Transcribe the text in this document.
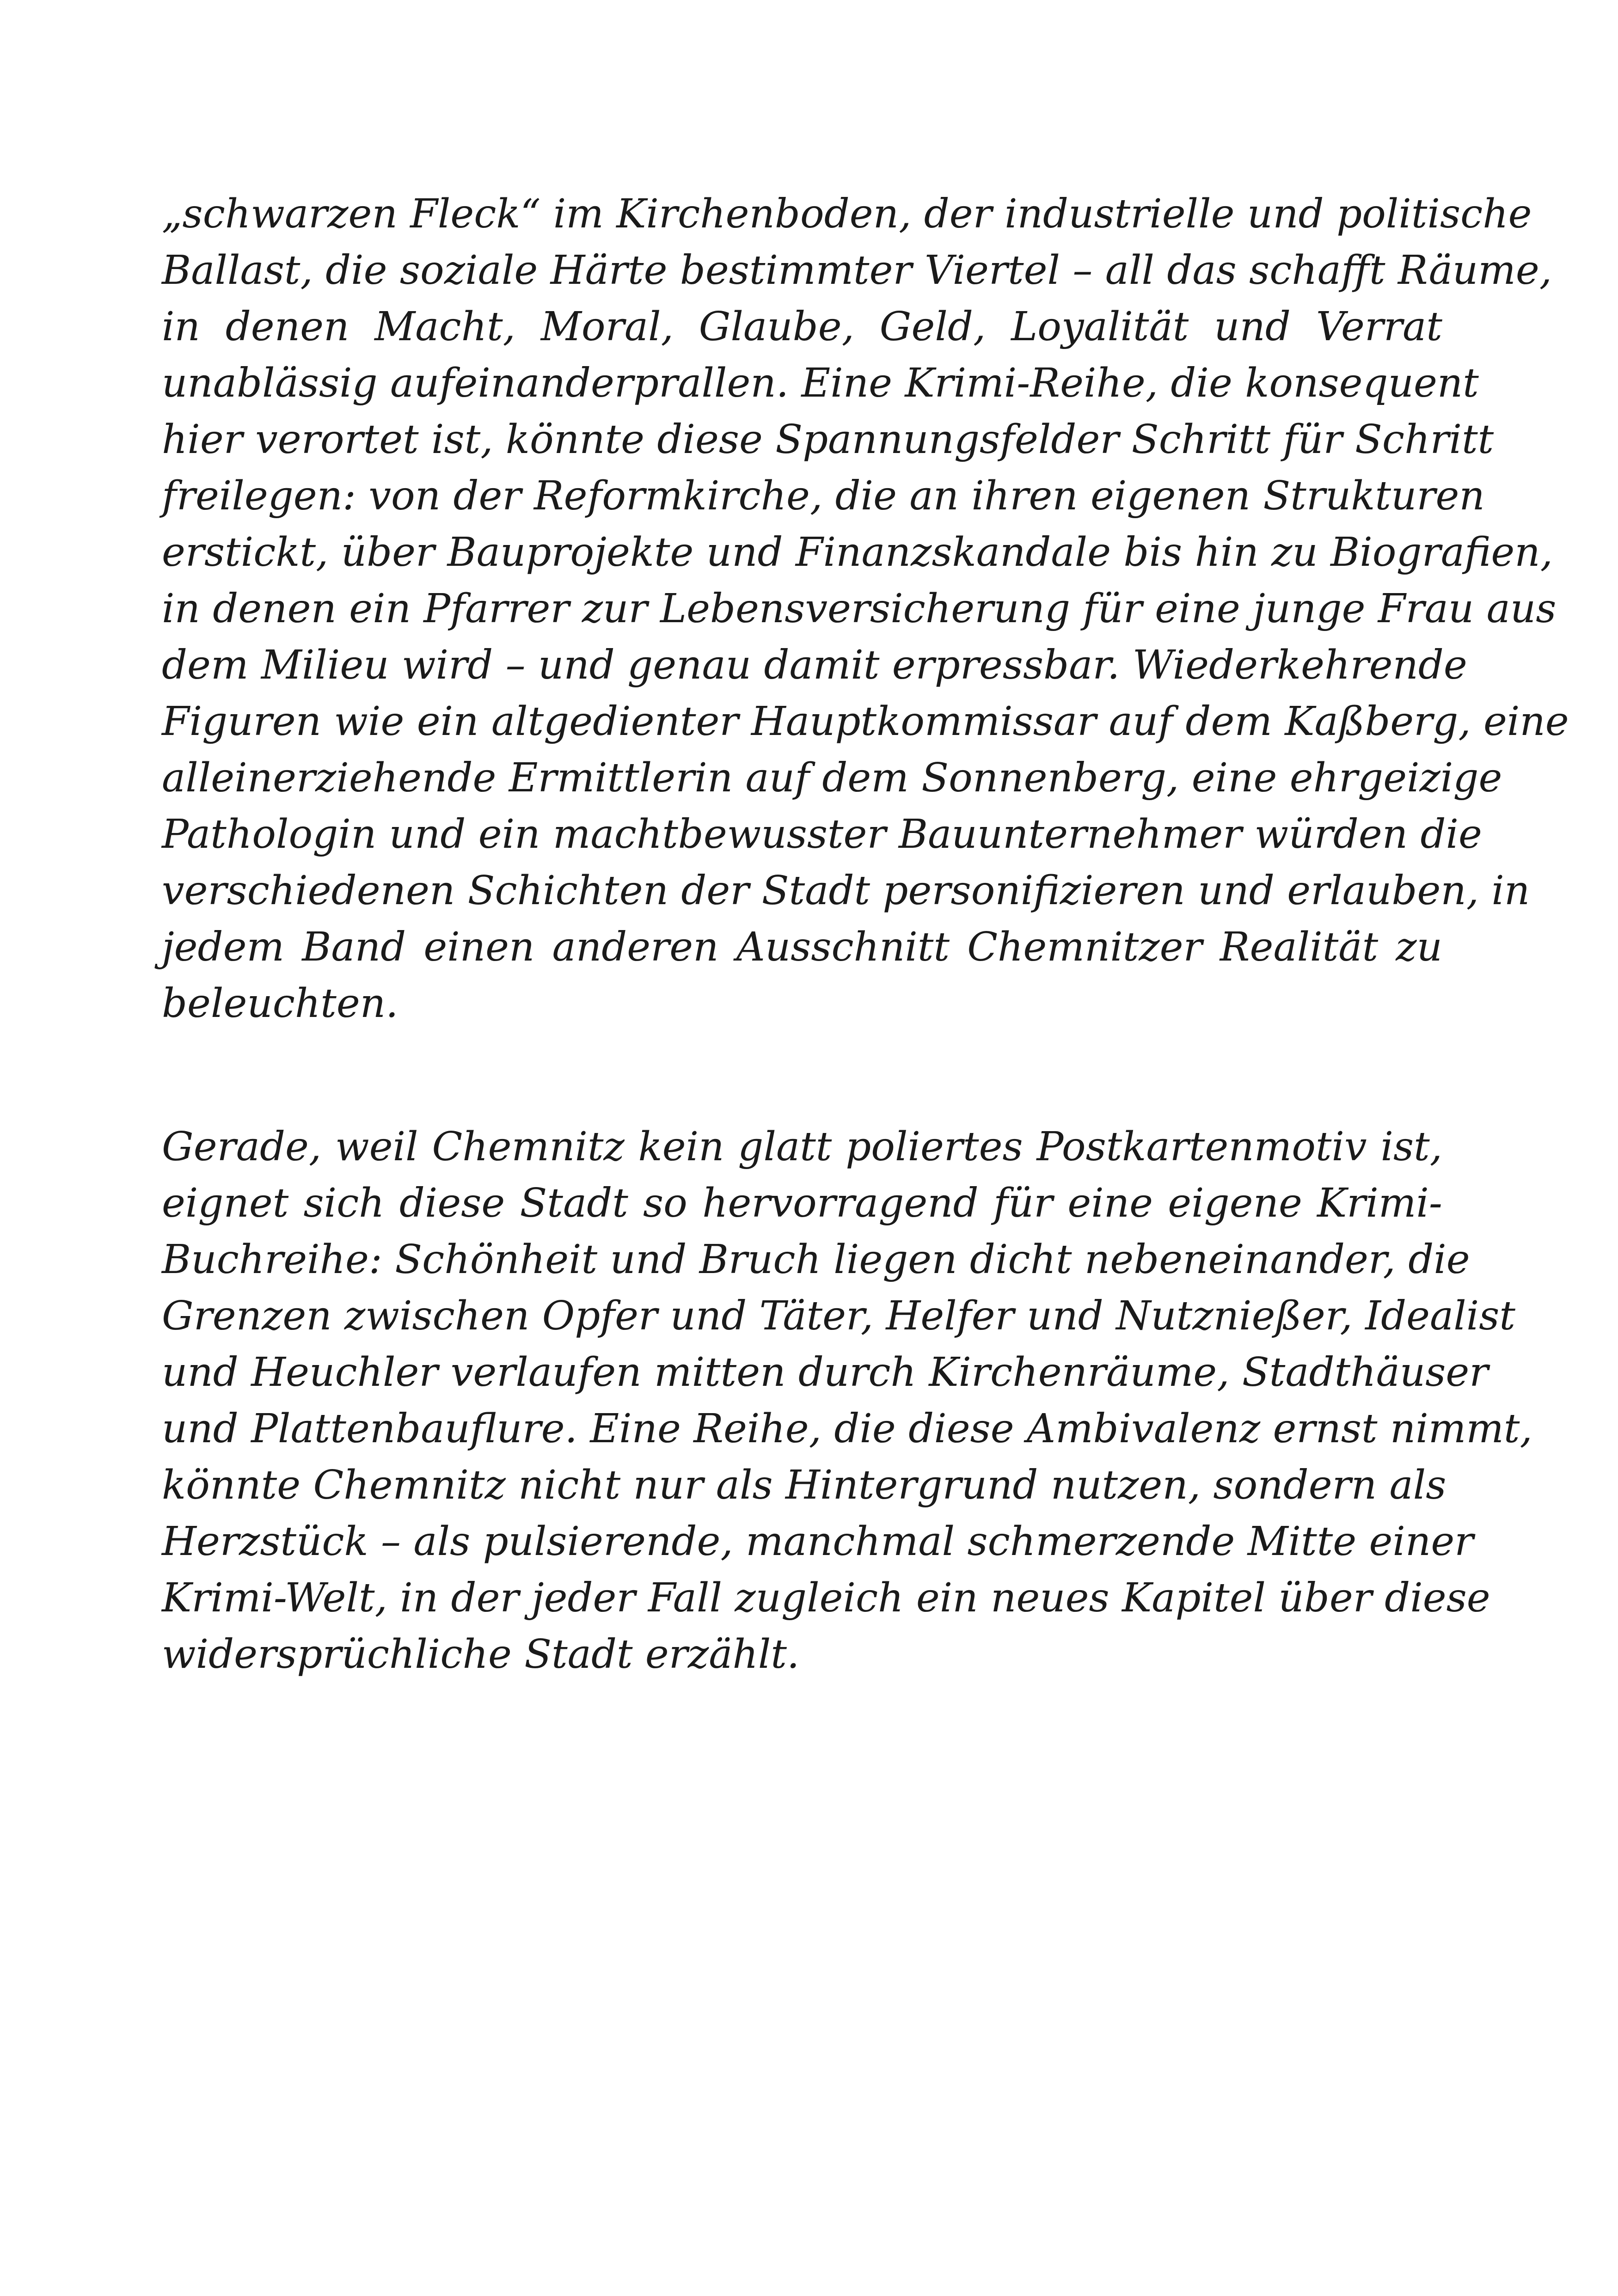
„schwarzen Fleck“ im Kirchenboden, der industrielle und politische
Ballast, die soziale Härte bestimmter Viertel – all das schafft Räume,
in denen Macht, Moral, Glaube, Geld, Loyalität und Verrat
unablässig aufeinanderprallen. Eine Krimi-Reihe, die konsequent
hier verortet ist, könnte diese Spannungsfelder Schritt für Schritt
freilegen: von der Reformkirche, die an ihren eigenen Strukturen
erstickt, über Bauprojekte und Finanzskandale bis hin zu Biografien,
in denen ein Pfarrer zur Lebensversicherung für eine junge Frau aus
dem Milieu wird – und genau damit erpressbar. Wiederkehrende
Figuren wie ein altgedienter Hauptkommissar auf dem Kaßberg, eine
alleinerziehende Ermittlerin auf dem Sonnenberg, eine ehrgeizige
Pathologin und ein machtbewusster Bauunternehmer würden die
verschiedenen Schichten der Stadt personifizieren und erlauben, in
jedem Band einen anderen Ausschnitt Chemnitzer Realität zu
beleuchten.

Gerade, weil Chemnitz kein glatt poliertes Postkartenmotiv ist,
eignet sich diese Stadt so hervorragend für eine eigene Krimi-
Buchreihe: Schönheit und Bruch liegen dicht nebeneinander, die
Grenzen zwischen Opfer und Täter, Helfer und Nutznießer, Idealist
und Heuchler verlaufen mitten durch Kirchenräume, Stadthäuser
und Plattenbauflure. Eine Reihe, die diese Ambivalenz ernst nimmt,
könnte Chemnitz nicht nur als Hintergrund nutzen, sondern als
Herzstück – als pulsierende, manchmal schmerzende Mitte einer
Krimi-Welt, in der jeder Fall zugleich ein neues Kapitel über diese
widersprüchliche Stadt erzählt.
